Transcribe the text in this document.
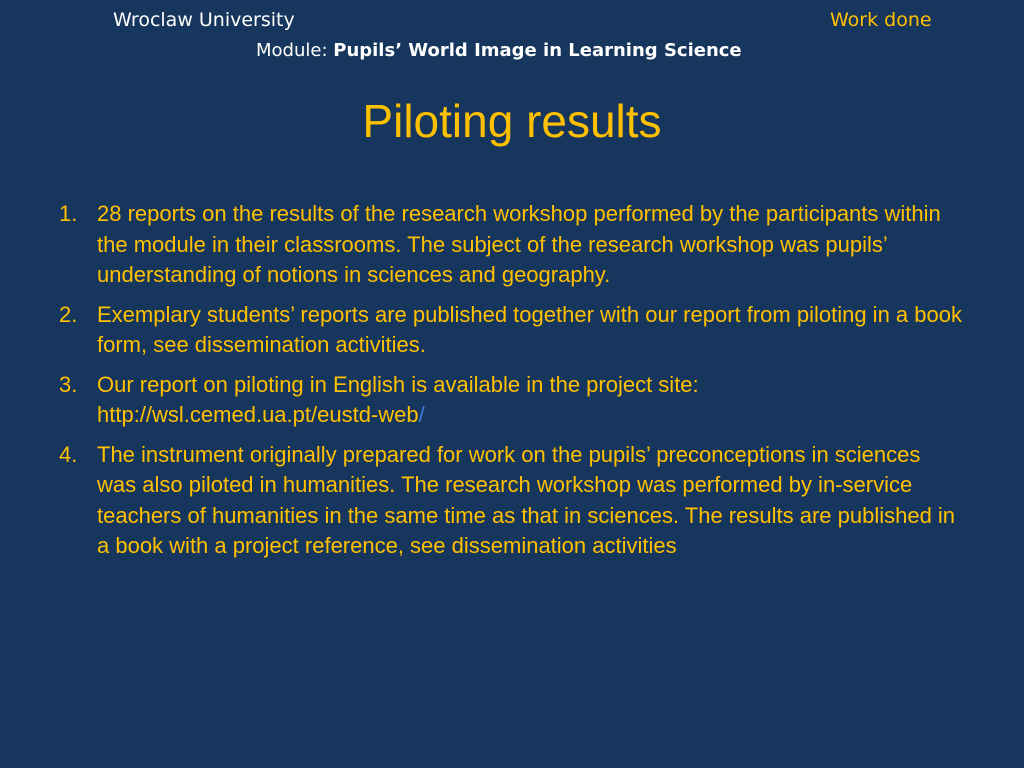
Wroclaw University	Work done
Module: Pupils’ World Image in Learning Science
Piloting results
1. 28 reports on the results of the research workshop performed by the participants within the module in their classrooms. The subject of the research workshop was pupils’ understanding of notions in sciences and geography.
2. Exemplary students’ reports are published together with our report from piloting in a book form, see dissemination activities.
3. Our report on piloting in English is available in the project site:
http://wsl.cemed.ua.pt/eustd-web/
4. The instrument originally prepared for work on the pupils’ preconceptions in sciences was also piloted in humanities. The research workshop was performed by in-service teachers of humanities in the same time as that in sciences. The results are published in a book with a project reference, see dissemination activities
